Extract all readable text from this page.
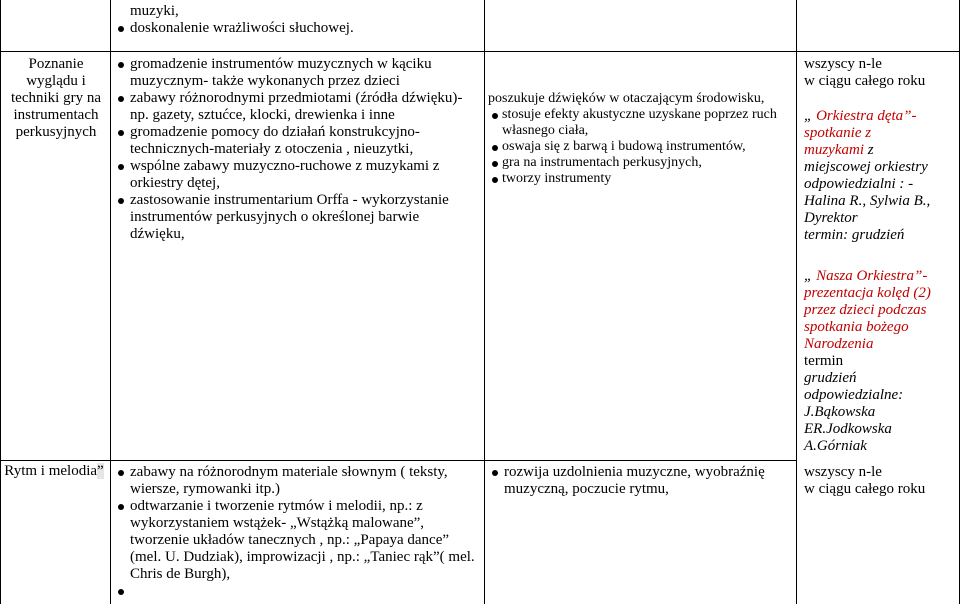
muzyki,
doskonalenie wrażliwości słuchowej.
Poznanie wyglądu i techniki gry na instrumentach perkusyjnych
gromadzenie instrumentów muzycznych w kąciku muzycznym- także wykonanych przez dzieci
zabawy różnorodnymi przedmiotami (źródła dźwięku)- np. gazety, sztućce, klocki, drewienka i inne
gromadzenie pomocy do działań konstrukcyjno-technicznych-materiały z otoczenia , nieuzytki,
wspólne zabawy muzyczno-ruchowe z muzykami z orkiestry dętej,
zastosowanie instrumentarium Orffa - wykorzystanie instrumentów perkusyjnych o określonej barwie dźwięku,
poszukuje dźwięków w otaczającym środowisku,
stosuje efekty akustyczne uzyskane poprzez ruch własnego ciała,
oswaja się z barwą i budową instrumentów,
gra na instrumentach perkusyjnych,
tworzy instrumenty
wszyscy n-le
w ciągu całego roku
„ Orkiestra dęta”-
spotkanie z
muzykami z
miejscowej orkiestry
odpowiedzialni : -
Halina R., Sylwia B., Dyrektor
termin: grudzień
„ Nasza Orkiestra”-
prezentacja kolęd (2) przez dzieci podczas spotkania bożego Narodzenia
termin
grudzień
odpowiedzialne:
J.Bąkowska
ER.Jodkowska
A.Górniak
Rytm i melodia”	zabawy na różnorodnym materiale słownym ( teksty, wiersze, rymowanki itp.)
odtwarzanie i tworzenie rytmów i melodii, np.: z wykorzystaniem wstążek- „Wstążką malowane”, tworzenie układów tanecznych , np.: „Papaya dance” (mel. U. Dudziak), improwizacji , np.: „Taniec rąk”( mel. Chris de Burgh),
rozwija uzdolnienia muzyczne, wyobraźnię muzyczną, poczucie rytmu,
wszyscy n-le
w ciągu całego roku
